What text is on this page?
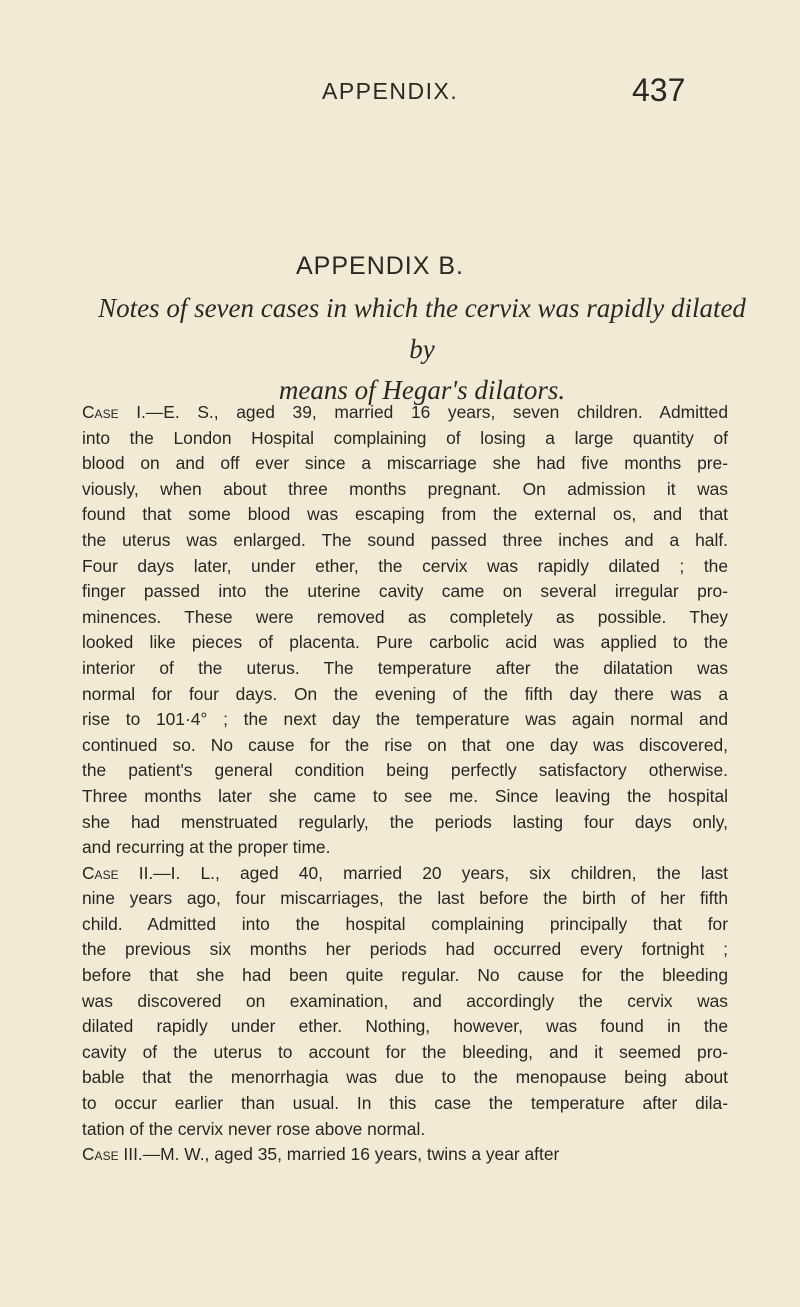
APPENDIX.	437
APPENDIX B.
Notes of seven cases in which the cervix was rapidly dilated by
means of Hegar's dilators.
Case I.—E. S., aged 39, married 16 years, seven children. Admitted
into the London Hospital complaining of losing a large quantity of
blood on and off ever since a miscarriage she had five months pre-
viously, when about three months pregnant. On admission it was
found that some blood was escaping from the external os, and that
the uterus was enlarged. The sound passed three inches and a half.
Four days later, under ether, the cervix was rapidly dilated ; the
finger passed into the uterine cavity came on several irregular pro-
minences. These were removed as completely as possible. They
looked like pieces of placenta. Pure carbolic acid was applied to the
interior of the uterus. The temperature after the dilatation was
normal for four days. On the evening of the fifth day there was a
rise to 101·4° ; the next day the temperature was again normal and
continued so. No cause for the rise on that one day was discovered,
the patient's general condition being perfectly satisfactory otherwise.
Three months later she came to see me. Since leaving the hospital
she had menstruated regularly, the periods lasting four days only,
and recurring at the proper time.
Case II.—I. L., aged 40, married 20 years, six children, the last
nine years ago, four miscarriages, the last before the birth of her fifth
child. Admitted into the hospital complaining principally that for
the previous six months her periods had occurred every fortnight ;
before that she had been quite regular. No cause for the bleeding
was discovered on examination, and accordingly the cervix was
dilated rapidly under ether. Nothing, however, was found in the
cavity of the uterus to account for the bleeding, and it seemed pro-
bable that the menorrhagia was due to the menopause being about
to occur earlier than usual. In this case the temperature after dila-
tation of the cervix never rose above normal.
Case III.—M. W., aged 35, married 16 years, twins a year after
